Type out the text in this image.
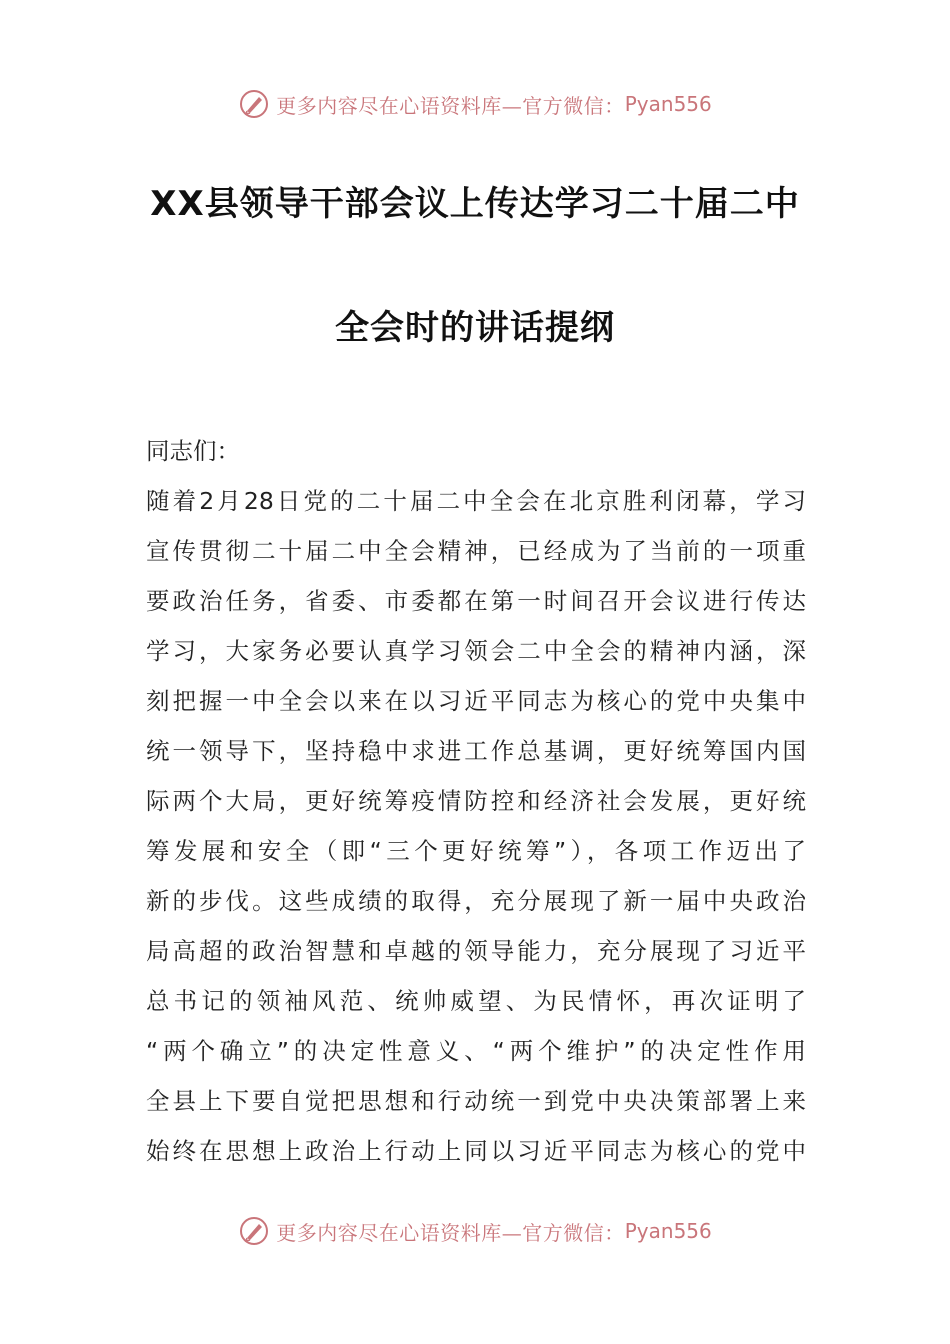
更多内容尽在心语资料库—官方微信： Pyan556
XX县领导干部会议上传达学习二十届二中
全会时的讲话提纲
同志们：
随着2月28日党的二十届二中全会在北京胜利闭幕，学习
宣传贯彻二十届二中全会精神，已经成为了当前的一项重
要政治任务，省委、市委都在第一时间召开会议进行传达
学习，大家务必要认真学习领会二中全会的精神内涵，深
刻把握一中全会以来在以习近平同志为核心的党中央集中
统一领导下，坚持稳中求进工作总基调，更好统筹国内国
际两个大局，更好统筹疫情防控和经济社会发展，更好统
筹发展和安全（即“三个更好统筹”），各项工作迈出了
新的步伐。这些成绩的取得，充分展现了新一届中央政治
局高超的政治智慧和卓越的领导能力，充分展现了习近平
总书记的领袖风范、统帅威望、为民情怀，再次证明了
“两个确立”的决定性意义、“两个维护”的决定性作用
全县上下要自觉把思想和行动统一到党中央决策部署上来
始终在思想上政治上行动上同以习近平同志为核心的党中
更多内容尽在心语资料库—官方微信： Pyan556
